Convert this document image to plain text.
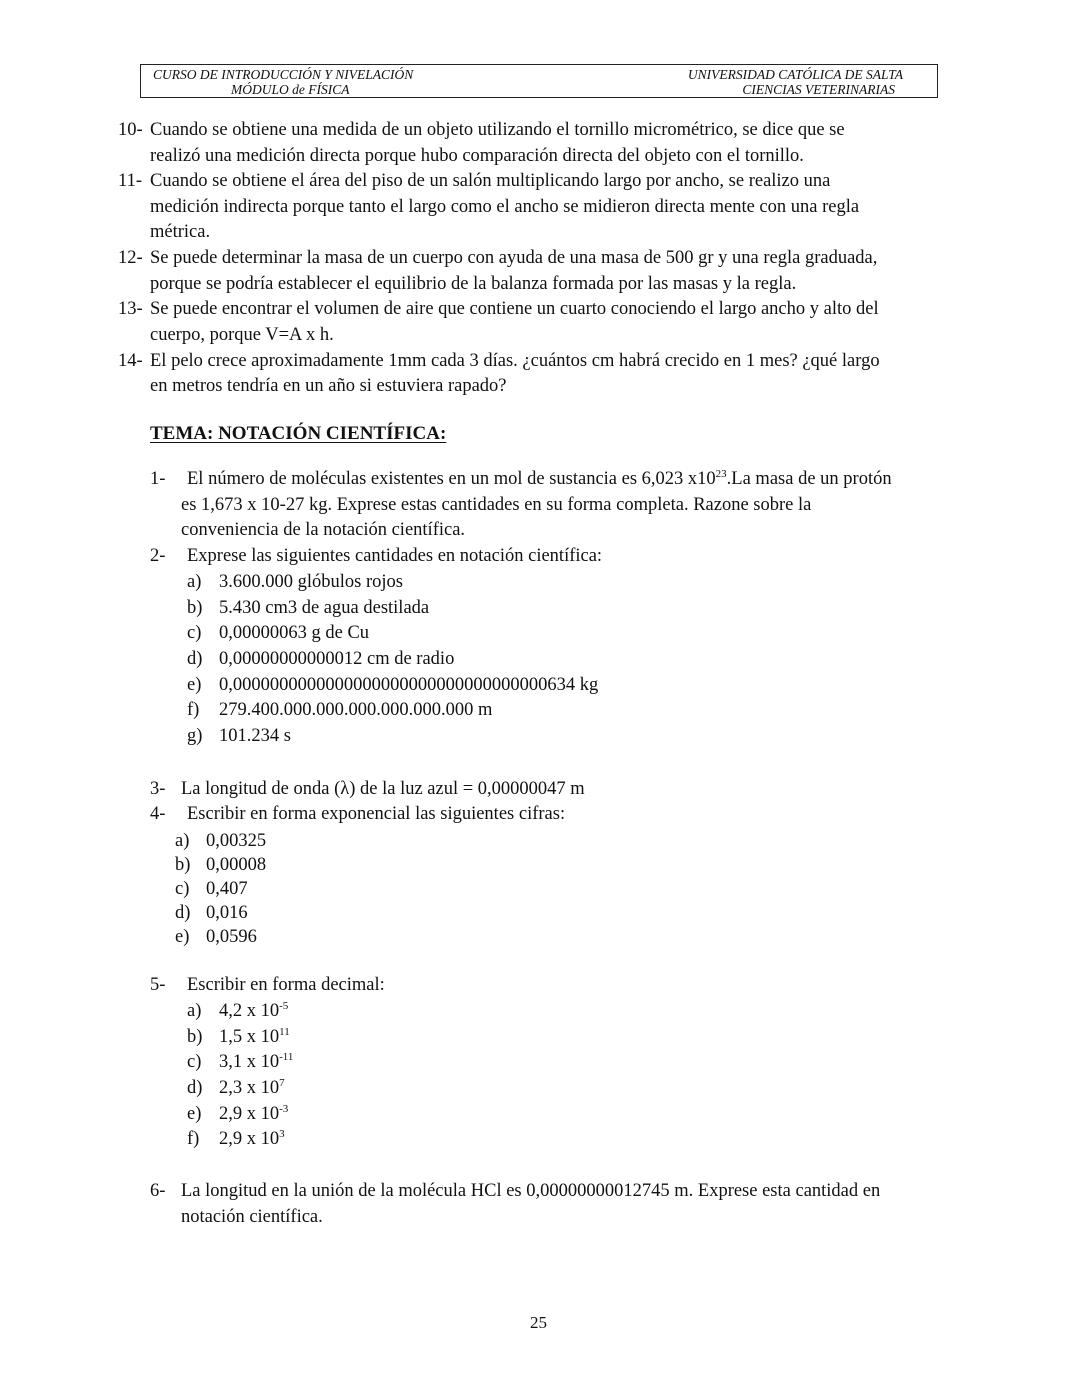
CURSO DE INTRODUCCIÓN Y NIVELACIÓN
MÓDULO de FÍSICA
UNIVERSIDAD CATÓLICA DE SALTA
CIENCIAS VETERINARIAS
10- Cuando se obtiene una medida de un objeto utilizando el tornillo micrométrico, se dice que se
realizó una medición directa porque hubo comparación directa del objeto con el tornillo.
11- Cuando se obtiene el área del piso de un salón multiplicando largo por ancho, se realizo una
medición indirecta porque tanto el largo como el ancho se midieron directa mente con una regla
métrica.
12- Se puede determinar la masa de un cuerpo con ayuda de una masa de 500 gr y una regla graduada,
porque se podría establecer el equilibrio de la balanza formada por las masas y la regla.
13- Se puede encontrar el volumen de aire que contiene un cuarto conociendo el largo ancho y alto del
cuerpo, porque V=A x h.
14- El pelo crece aproximadamente 1mm cada 3 días. ¿cuántos cm habrá crecido en 1 mes? ¿qué largo
en metros tendría en un año si estuviera rapado?
TEMA: NOTACIÓN CIENTÍFICA:
1- El número de moléculas existentes en un mol de sustancia es 6,023 $x10^{23}.La$ masa de un protón
es 1,673 x 10-27 kg. Exprese estas cantidades en su forma completa. Razone sobre la
conveniencia de la notación científica.
2- Exprese las siguientes cantidades en notación científica:
a) 3.600.000 glóbulos rojos
b) 5.430 cm3 de agua destilada
c) 0,00000063 g de Cu
d) 0,00000000000012 cm de radio
e) 0,0000000000000000000000000000000000634 kg
f) 279.400.000.000.000.000.000.000 m
g) 101.234 s
3- La longitud de onda (λ) de la luz azul = 0,00000047 m
4- Escribir en forma exponencial las siguientes cifras:
a) 0,00325
b) 0,00008
c) 0,407
d) 0,016
e) 0,0596
5- Escribir en forma decimal:
a) 4,2 x $10^{-5}$
b) 1,5 x $10^{11}$
c) 3,1 x $10^{-11}$
d) 2,3 x $10^7$
e) 2,9 x $10^{-3}$
f) 2,9 x $10^3$
6- La longitud en la unión de la molécula HCl es 0,00000000012745 m. Exprese esta cantidad en
notación científica.
25
